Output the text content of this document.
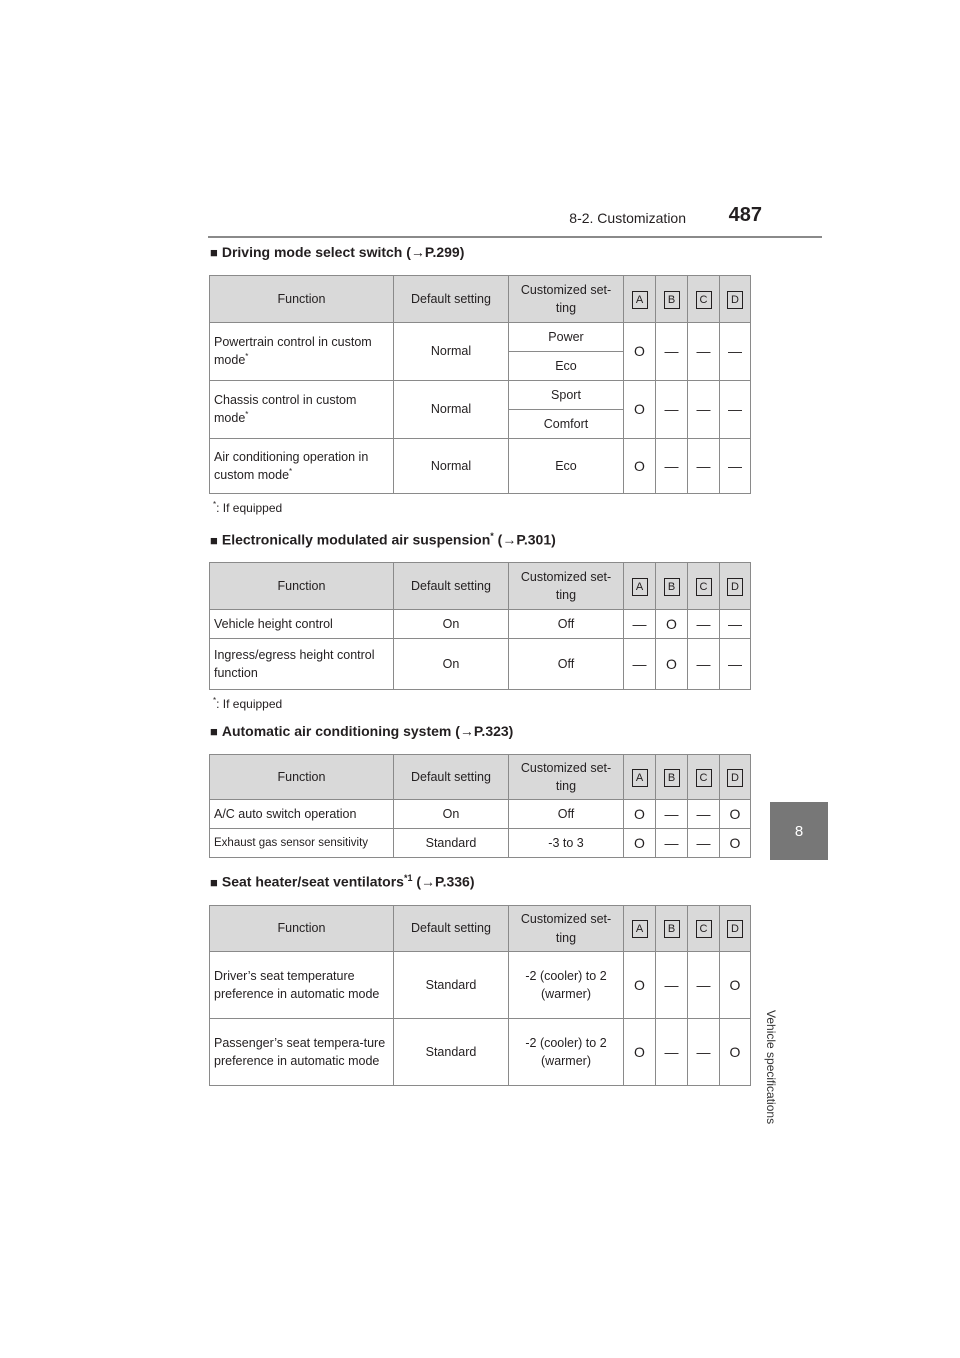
8-2. Customization 487
8
Vehicle specifications
■ Driving mode select switch (→P.299)
Function	Default setting	Customized set-ting	A	B	C	D
Powertrain control in custom mode*	Normal	Power	O	—	—	—
		Eco				
Chassis control in custom mode*	Normal	Sport	O	—	—	—
		Comfort				
Air conditioning operation in custom mode*	Normal	Eco	O	—	—	—
*: If equipped
■ Electronically modulated air suspension* (→P.301)
Function	Default setting	Customized set-ting	A	B	C	D
Vehicle height control	On	Off	—	O	—	—
Ingress/egress height control function	On	Off	—	O	—	—
*: If equipped
■ Automatic air conditioning system (→P.323)
Function	Default setting	Customized set-ting	A	B	C	D
A/C auto switch operation	On	Off	O	—	—	O
Exhaust gas sensor sensitivity	Standard	-3 to 3	O	—	—	O
■ Seat heater/seat ventilators$^{*1}$ (→P.336)
Function	Default setting	Customized set-ting	A	B	C	D
Driver’s seat temperature preference in automatic mode	Standard	-2 (cooler) to 2 (warmer)	O	—	—	O
Passenger’s seat tempera-ture preference in automatic mode	Standard	-2 (cooler) to 2 (warmer)	O	—	—	O
